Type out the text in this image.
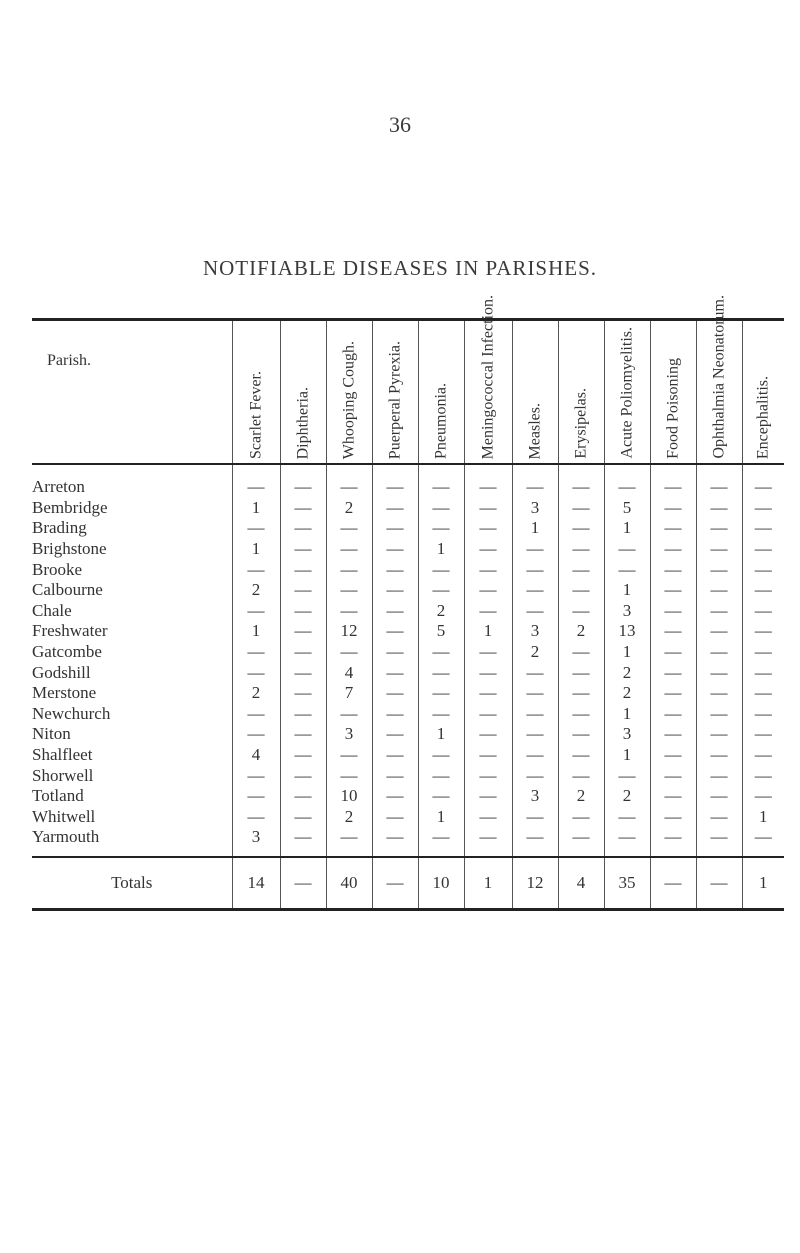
36
NOTIFIABLE DISEASES IN PARISHES.
Parish.	Scarlet Fever.	Diphtheria.	Whooping Cough.	Puerperal Pyrexia.	Pneumonia.	Meningococcal Infection.	Measles.	Erysipelas.	Acute Poliomyelitis.	Food Poisoning	Ophthalmia Neonatorum.	Encephalitis.

Arreton	—	—	—	—	—	—	—	—	—	—	—	—
Bembridge	1	—	2	—	—	—	3	—	5	—	—	—
Brading	—	—	—	—	—	—	1	—	1	—	—	—
Brighstone	1	—	—	—	1	—	—	—	—	—	—	—
Brooke	—	—	—	—	—	—	—	—	—	—	—	—
Calbourne	2	—	—	—	—	—	—	—	1	—	—	—
Chale	—	—	—	—	2	—	—	—	3	—	—	—
Freshwater	1	—	12	—	5	1	3	2	13	—	—	—
Gatcombe	—	—	—	—	—	—	2	—	1	—	—	—
Godshill	—	—	4	—	—	—	—	—	2	—	—	—
Merstone	2	—	7	—	—	—	—	—	2	—	—	—
Newchurch	—	—	—	—	—	—	—	—	1	—	—	—
Niton	—	—	3	—	1	—	—	—	3	—	—	—
Shalfleet	4	—	—	—	—	—	—	—	1	—	—	—
Shorwell	—	—	—	—	—	—	—	—	—	—	—	—
Totland	—	—	10	—	—	—	3	2	2	—	—	—
Whitwell	—	—	2	—	1	—	—	—	—	—	—	1
Yarmouth	3	—	—	—	—	—	—	—	—	—	—	—
Totals	14	—	40	—	10	1	12	4	35	—	—	1
